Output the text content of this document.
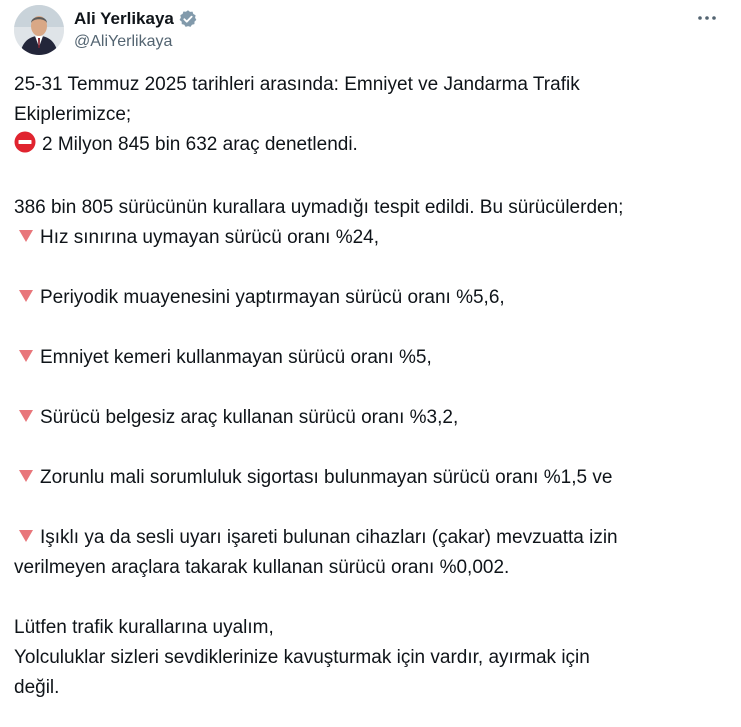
Ali Yerlikaya
@AliYerlikaya

25-31 Temmuz 2025 tarihleri arasında: Emniyet ve Jandarma Trafik

Ekiplerimizce;

2 Milyon 845 bin 632 araç denetlendi.

386 bin 805 sürücünün kurallara uymadığı tespit edildi. Bu sürücülerden;

Hız sınırına uymayan sürücü oranı %24,

Periyodik muayenesini yaptırmayan sürücü oranı %5,6,

Emniyet kemeri kullanmayan sürücü oranı %5,

Sürücü belgesiz araç kullanan sürücü oranı %3,2,

Zorunlu mali sorumluluk sigortası bulunmayan sürücü oranı %1,5 ve

Işıklı ya da sesli uyarı işareti bulunan cihazları (çakar) mevzuatta izin

verilmeyen araçlara takarak kullanan sürücü oranı %0,002.

Lütfen trafik kurallarına uyalım,

Yolculuklar sizleri sevdiklerinize kavuşturmak için vardır, ayırmak için

değil.
